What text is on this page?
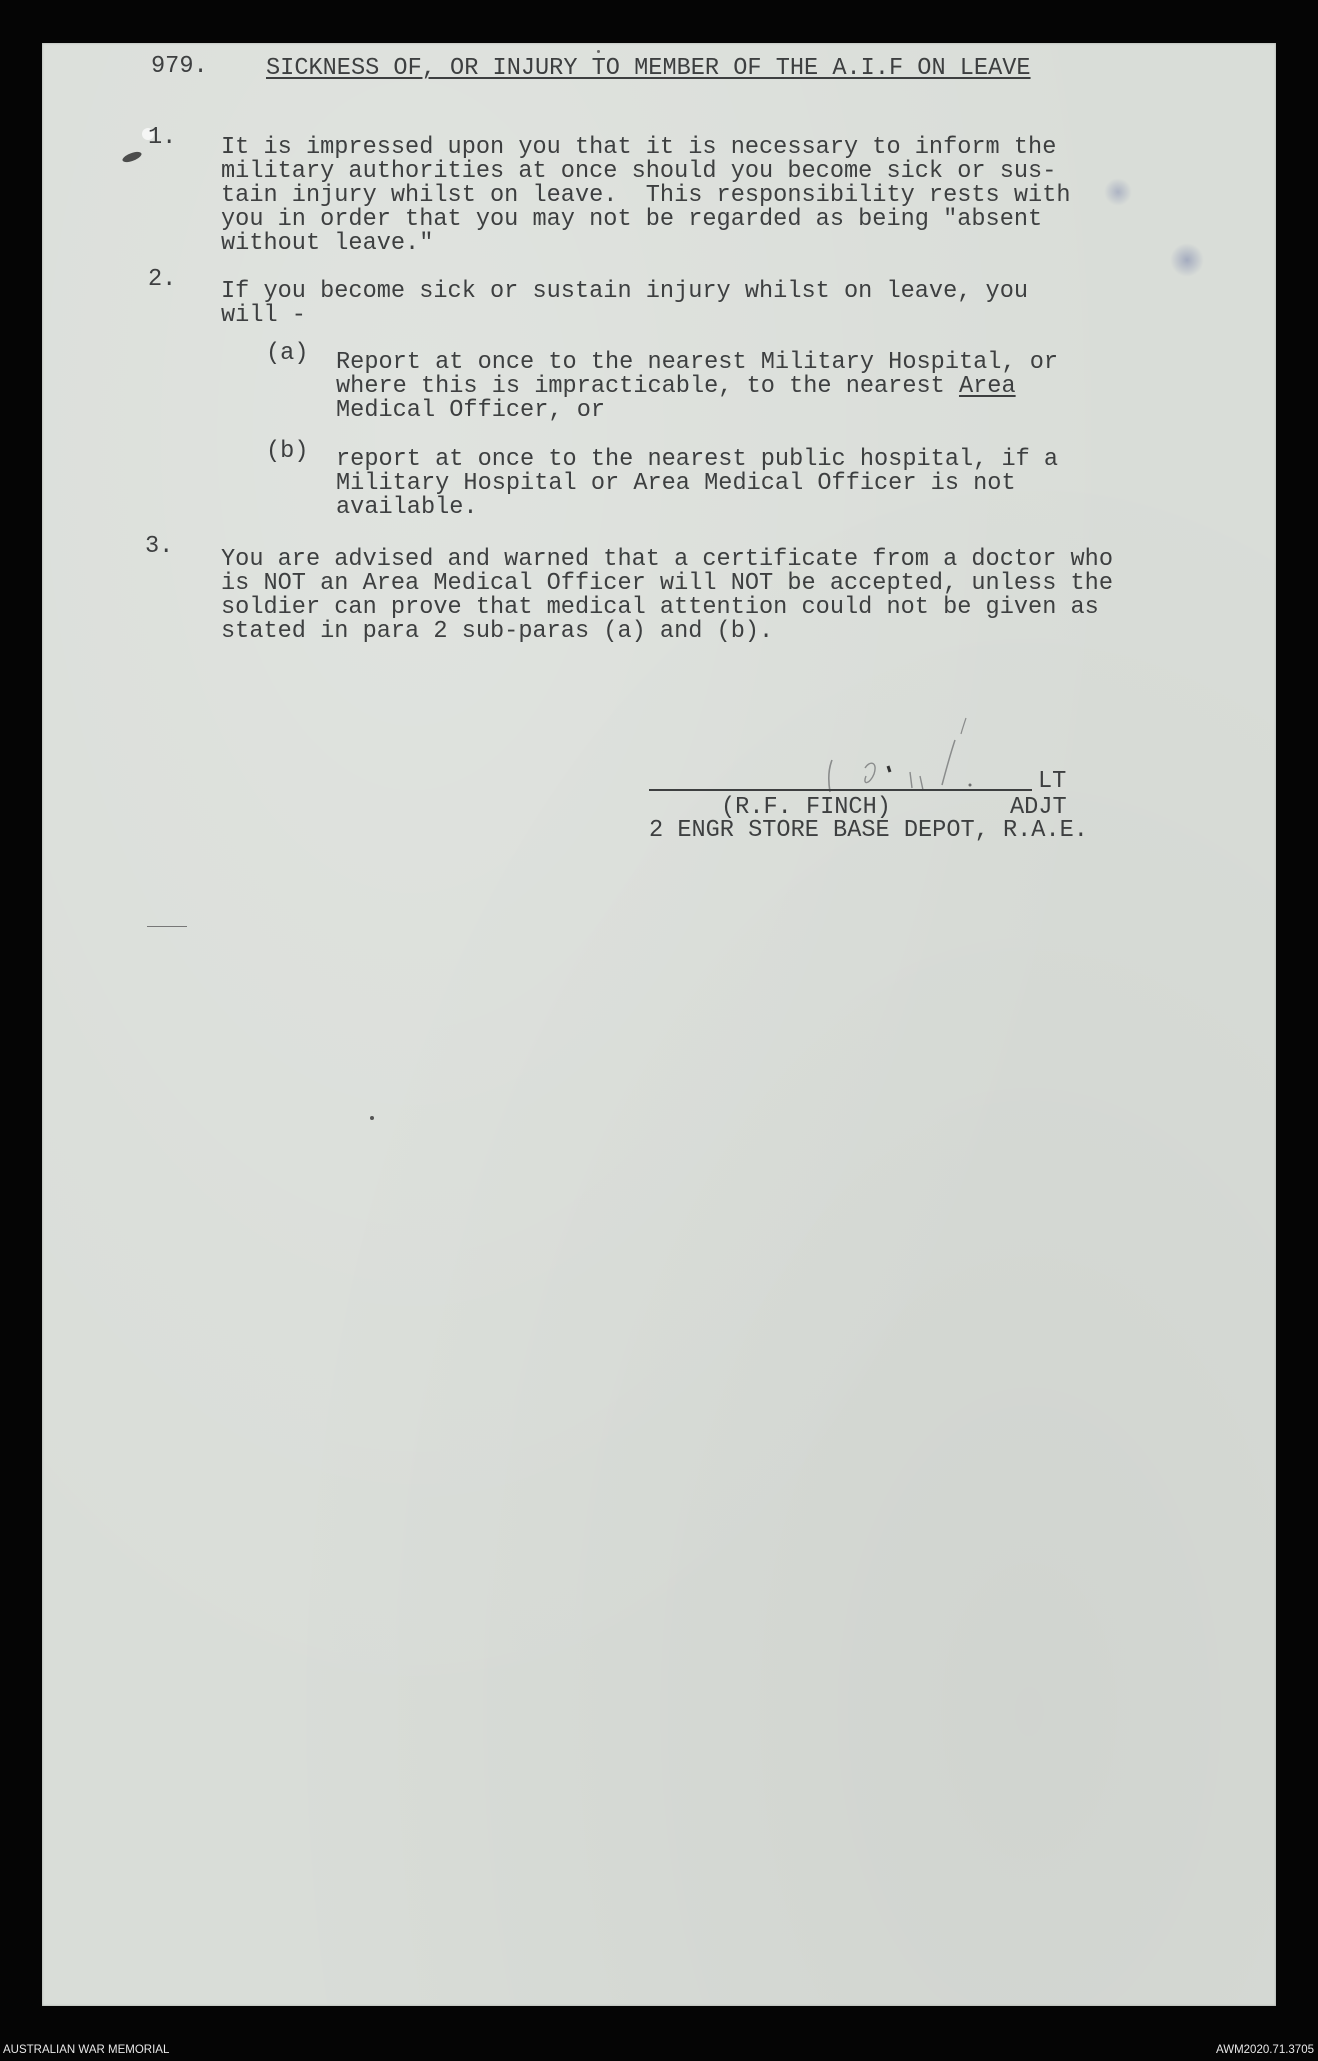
979. SICKNESS OF, OR INJURY TO MEMBER OF THE A.I.F ON LEAVE
1. It is impressed upon you that it is necessary to inform the
military authorities at once should you become sick or sus-
tain injury whilst on leave.  This responsibility rests with
you in order that you may not be regarded as being "absent
without leave."
2. If you become sick or sustain injury whilst on leave, you
will -
(a) Report at once to the nearest Military Hospital, or
where this is impracticable, to the nearest Area
Medical Officer, or
(b) report at once to the nearest public hospital, if a
Military Hospital or Area Medical Officer is not
available.
3. You are advised and warned that a certificate from a doctor who
is NOT an Area Medical Officer will NOT be accepted, unless the
soldier can prove that medical attention could not be given as
stated in para 2 sub-paras (a) and (b).
LT
(R.F. FINCH)	ADJT
2 ENGR STORE BASE DEPOT, R.A.E.
AUSTRALIAN WAR MEMORIAL	AWM2020.71.3705
